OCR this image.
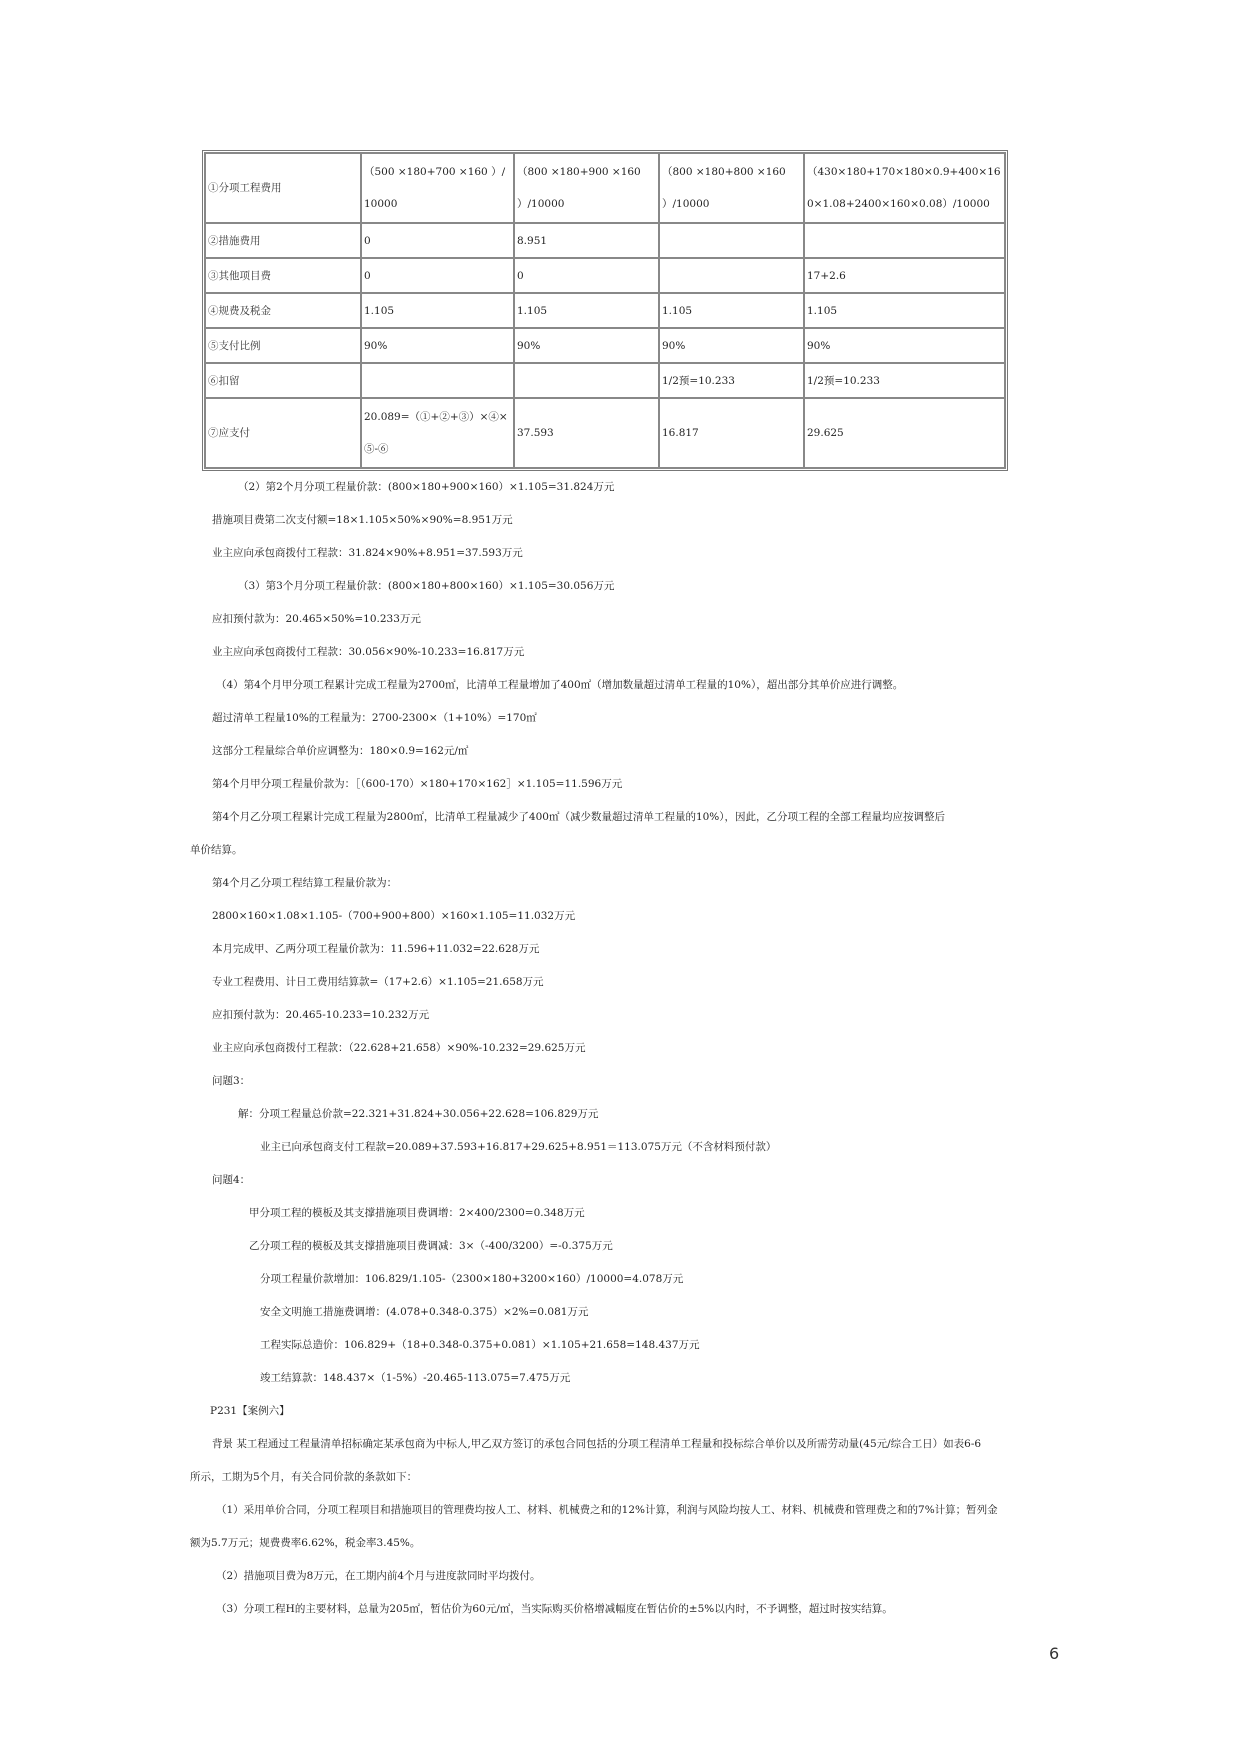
①分项工程费用	（500 ×180+700 ×160 ）/10000	（800 ×180+900 ×160 ）/10000	（800 ×180+800 ×160 ）/10000	（430×180+170×180×0.9+400×160×1.08+2400×160×0.08）/10000
②措施费用	0	8.951		
③其他项目费	0	0		17+2.6
④规费及税金	1.105	1.105	1.105	1.105
⑤支付比例	90%	90%	90%	90%
⑥扣留			1/2预=10.233	1/2预=10.233
⑦应支付	20.089=（①+②+③）×④×⑤-⑥	37.593	16.817	29.625
（2）第2个月分项工程量价款：(800×180+900×160）×1.105=31.824万元
措施项目费第二次支付额=18×1.105×50%×90%=8.951万元
业主应向承包商拨付工程款：31.824×90%+8.951=37.593万元
（3）第3个月分项工程量价款：(800×180+800×160）×1.105=30.056万元
应扣预付款为：20.465×50%=10.233万元
业主应向承包商拨付工程款：30.056×90%-10.233=16.817万元
（4）第4个月甲分项工程累计完成工程量为2700㎡，比清单工程量增加了400㎡（增加数量超过清单工程量的10%），超出部分其单价应进行调整。
超过清单工程量10%的工程量为：2700-2300×（1+10%）=170㎡
这部分工程量综合单价应调整为：180×0.9=162元/㎡
第4个月甲分项工程量价款为：［（600-170）×180+170×162］×1.105=11.596万元
第4个月乙分项工程累计完成工程量为2800㎡，比清单工程量减少了400㎡（减少数量超过清单工程量的10%），因此，乙分项工程的全部工程量均应按调整后
单价结算。
第4个月乙分项工程结算工程量价款为：
2800×160×1.08×1.105-（700+900+800）×160×1.105=11.032万元
本月完成甲、乙两分项工程量价款为：11.596+11.032=22.628万元
专业工程费用、计日工费用结算款=（17+2.6）×1.105=21.658万元
应扣预付款为：20.465-10.233=10.232万元
业主应向承包商拨付工程款：（22.628+21.658）×90%-10.232=29.625万元
问题3：
解：分项工程量总价款=22.321+31.824+30.056+22.628=106.829万元
业主已向承包商支付工程款=20.089+37.593+16.817+29.625+8.951＝113.075万元（不含材料预付款）
问题4：
甲分项工程的模板及其支撑措施项目费调增：2×400/2300=0.348万元
乙分项工程的模板及其支撑措施项目费调减：3×（-400/3200）=-0.375万元
分项工程量价款增加：106.829/1.105-（2300×180+3200×160）/10000=4.078万元
安全文明施工措施费调增：(4.078+0.348-0.375）×2%=0.081万元
工程实际总造价：106.829+（18+0.348-0.375+0.081）×1.105+21.658=148.437万元
竣工结算款：148.437×（1-5%）-20.465-113.075=7.475万元
P231【案例六】
背景 某工程通过工程量清单招标确定某承包商为中标人,甲乙双方签订的承包合同包括的分项工程清单工程量和投标综合单价以及所需劳动量(45元/综合工日）如表6-6
所示，工期为5个月，有关合同价款的条款如下：
（1）采用单价合同，分项工程项目和措施项目的管理费均按人工、材料、机械费之和的12%计算，利润与风险均按人工、材料、机械费和管理费之和的7%计算；暂列金
额为5.7万元；规费费率6.62%，税金率3.45%。
（2）措施项目费为8万元，在工期内前4个月与进度款同时平均拨付。
（3）分项工程H的主要材料，总量为205㎡，暂估价为60元/㎡，当实际购买价格增减幅度在暂估价的±5%以内时，不予调整，超过时按实结算。
6
